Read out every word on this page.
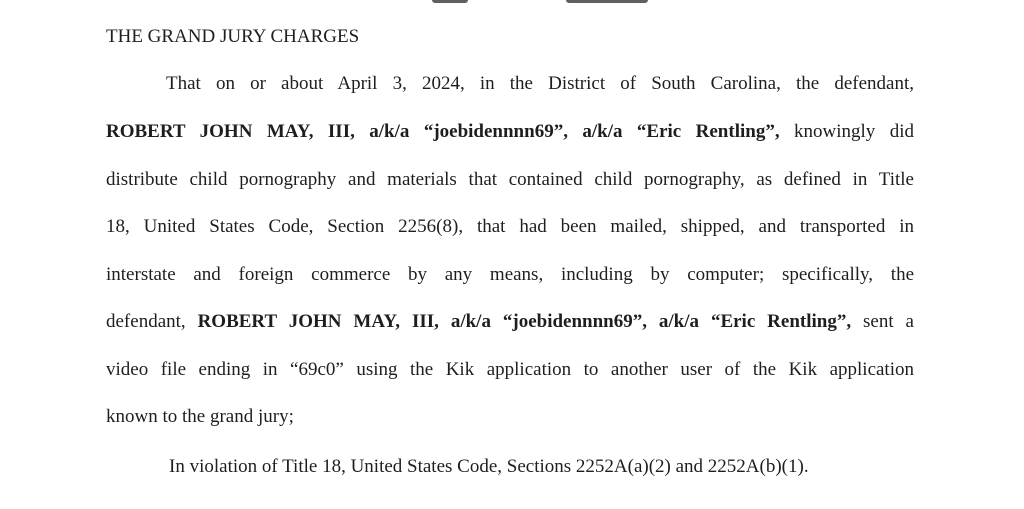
THE GRAND JURY CHARGES
That on or about April 3, 2024, in the District of South Carolina, the defendant,
ROBERT JOHN MAY, III, a/k/a “joebidennnn69”, a/k/a “Eric Rentling”, knowingly did
distribute child pornography and materials that contained child pornography, as defined in Title
18, United States Code, Section 2256(8), that had been mailed, shipped, and transported in
interstate and foreign commerce by any means, including by computer; specifically, the
defendant, ROBERT JOHN MAY, III, a/k/a “joebidennnn69”, a/k/a “Eric Rentling”, sent a
video file ending in “69c0” using the Kik application to another user of the Kik application
known to the grand jury;
In violation of Title 18, United States Code, Sections 2252A(a)(2) and 2252A(b)(1).
